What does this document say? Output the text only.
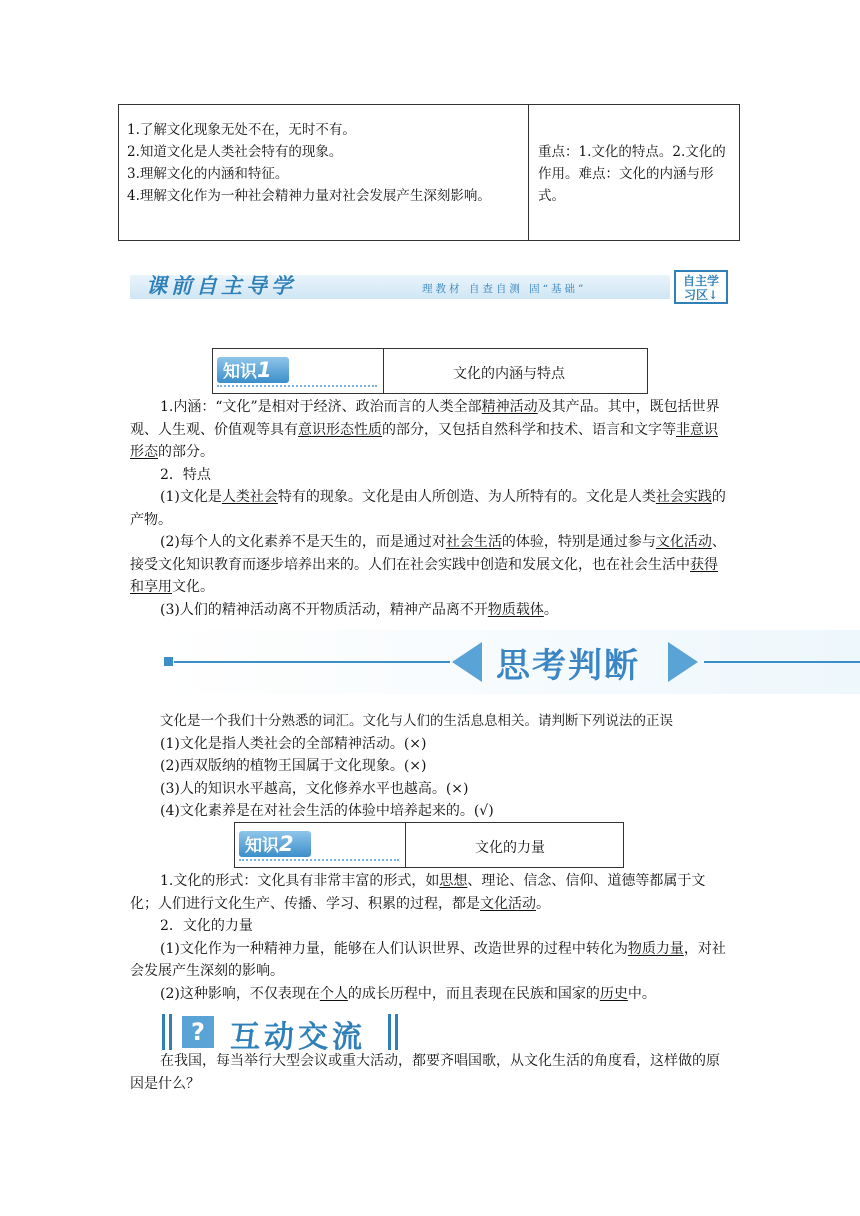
1.了解文化现象无处不在，无时不有。
2.知道文化是人类社会特有的现象。
3.理解文化的内涵和特征。
4.理解文化作为一种社会精神力量对社会发展产生深刻影响。
重点：1.文化的特点。2.文化的作用。难点：文化的内涵与形式。
课前自主导学	理教材 自查自测 固“基础”
自主学
习区↓
知识1	文化的内涵与特点
1.内涵：“文化”是相对于经济、政治而言的人类全部精神活动及其产品。其中，既包括世界观、人生观、价值观等具有意识形态性质的部分，又包括自然科学和技术、语言和文字等非意识形态的部分。
2．特点
(1)文化是人类社会特有的现象。文化是由人所创造、为人所特有的。文化是人类社会实践的产物。
(2)每个人的文化素养不是天生的，而是通过对社会生活的体验，特别是通过参与文化活动、接受文化知识教育而逐步培养出来的。人们在社会实践中创造和发展文化，也在社会生活中获得和享用文化。
(3)人们的精神活动离不开物质活动，精神产品离不开物质载体。
思考判断
文化是一个我们十分熟悉的词汇。文化与人们的生活息息相关。请判断下列说法的正误
(1)文化是指人类社会的全部精神活动。(×)
(2)西双版纳的植物王国属于文化现象。(×)
(3)人的知识水平越高，文化修养水平也越高。(×)
(4)文化素养是在对社会生活的体验中培养起来的。(√)
知识2	文化的力量
1.文化的形式：文化具有非常丰富的形式，如思想、理论、信念、信仰、道德等都属于文化；人们进行文化生产、传播、学习、积累的过程，都是文化活动。
2．文化的力量
(1)文化作为一种精神力量，能够在人们认识世界、改造世界的过程中转化为物质力量，对社会发展产生深刻的影响。
(2)这种影响，不仅表现在个人的成长历程中，而且表现在民族和国家的历史中。
? 互动交流
在我国，每当举行大型会议或重大活动，都要齐唱国歌，从文化生活的角度看，这样做的原因是什么？
